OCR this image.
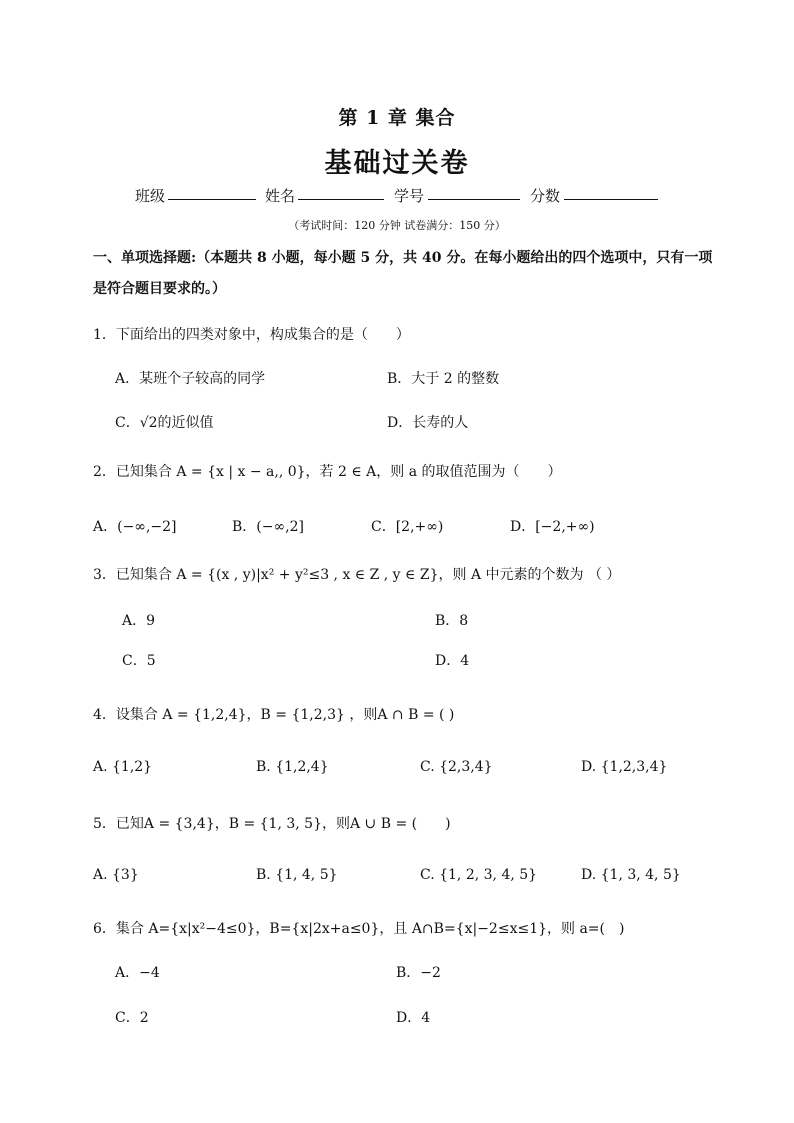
第 1 章 集合
基础过关卷
班级	姓名	学号	分数
（考试时间：120 分钟 试卷满分：150 分）
一、单项选择题:（本题共 8 小题，每小题 5 分，共 40 分。在每小题给出的四个选项中，只有一项
是符合题目要求的。）
1．下面给出的四类对象中，构成集合的是（　　）
A．某班个子较高的同学	B．大于 2 的整数
C．√2的近似值	D．长寿的人
2．已知集合 A = {x | x − a,, 0}，若 2 ∈ A，则 a 的取值范围为（　　）
A．(−∞,−2]	B．(−∞,2]	C．[2,+∞)	D．[−2,+∞)
3．已知集合 A = {(x , y)|x² + y²≤3 , x ∈ Z , y ∈ Z}，则 A 中元素的个数为 （ ）
A．9	B．8
C．5	D．4
4．设集合 A = {1,2,4}，B = {1,2,3} ，则A ∩ B = ( )
A. {1,2}	B. {1,2,4}	C. {2,3,4}	D. {1,2,3,4}
5．已知A = {3,4}，B = {1, 3, 5}，则A ∪ B = (　　)
A. {3}	B. {1, 4, 5}	C. {1, 2, 3, 4, 5}	D. {1, 3, 4, 5}
6．集合 A={x|x²−4≤0}，B={x|2x+a≤0}，且 A∩B={x|−2≤x≤1}，则 a=(　)
A．−4	B．−2
C．2	D．4
